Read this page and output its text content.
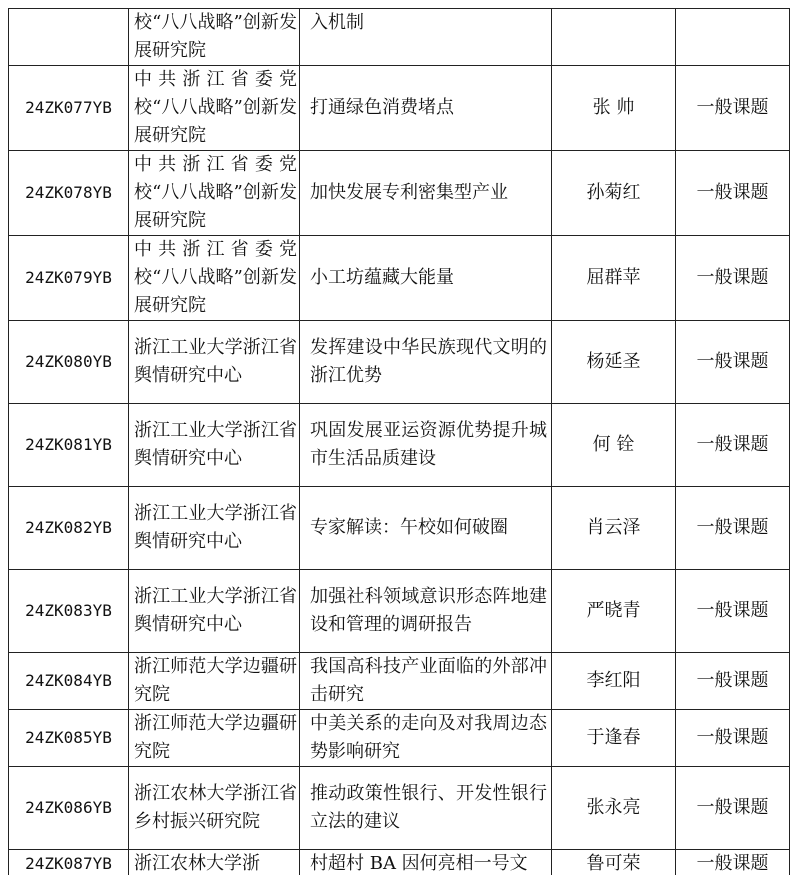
	校“八八战略”创新发展研究院	入机制		
24ZK077YB	中共浙江省委党校“八八战略”创新发展研究院	打通绿色消费堵点	张 帅	一般课题
24ZK078YB	中共浙江省委党校“八八战略”创新发展研究院	加快发展专利密集型产业	孙菊红	一般课题
24ZK079YB	中共浙江省委党校“八八战略”创新发展研究院	小工坊蕴藏大能量	屈群苹	一般课题
24ZK080YB	浙江工业大学浙江省舆情研究中心	发挥建设中华民族现代文明的浙江优势	杨延圣	一般课题
24ZK081YB	浙江工业大学浙江省舆情研究中心	巩固发展亚运资源优势提升城市生活品质建设	何 铨	一般课题
24ZK082YB	浙江工业大学浙江省舆情研究中心	专家解读：午校如何破圈	肖云泽	一般课题
24ZK083YB	浙江工业大学浙江省舆情研究中心	加强社科领域意识形态阵地建设和管理的调研报告	严晓青	一般课题
24ZK084YB	浙江师范大学边疆研究院	我国高科技产业面临的外部冲击研究	李红阳	一般课题
24ZK085YB	浙江师范大学边疆研究院	中美关系的走向及对我周边态势影响研究	于逢春	一般课题
24ZK086YB	浙江农林大学浙江省乡村振兴研究院	推动政策性银行、开发性银行立法的建议	张永亮	一般课题
24ZK087YB	浙江农林大学浙	村超村 BA 因何亮相一号文	鲁可荣	一般课题
